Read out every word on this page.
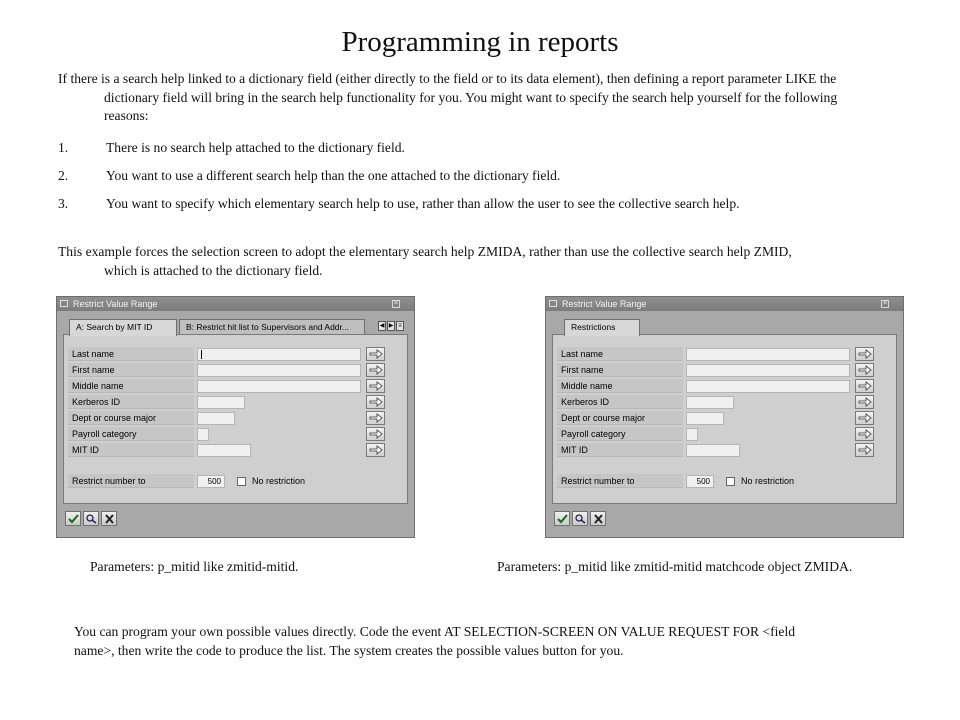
Programming in reports

If there is a search help linked to a dictionary field (either directly to the field or to its data element), then defining a report parameter LIKE the dictionary field will bring in the search help functionality for you. You might want to specify the search help yourself for the following reasons:

1.	There is no search help attached to the dictionary field.
2.	You want to use a different search help than the one attached to the dictionary field.
3.	You want to specify which elementary search help to use, rather than allow the user to see the collective search help.

This example forces the selection screen to adopt the elementary search help ZMIDA, rather than use the collective search help ZMID, which is attached to the dictionary field.

Restrict Value Range	×
A: Search by MIT ID	B: Restrict hit list to Supervisors and Addr...	◀ ▶ ≡
Last name
First name
Middle name
Kerberos ID
Dept or course major
Payroll category
MIT ID
Restrict number to	500	No restriction
Restrict Value Range	×
Restrictions
Last name
First name
Middle name
Kerberos ID
Dept or course major
Payroll category
MIT ID
Restrict number to	500	No restriction
Parameters: p_mitid like zmitid-mitid.	Parameters: p_mitid like zmitid-mitid matchcode object ZMIDA.

You can program your own possible values directly. Code the event AT SELECTION-SCREEN ON VALUE REQUEST FOR <field name>, then write the code to produce the list. The system creates the possible values button for you.
